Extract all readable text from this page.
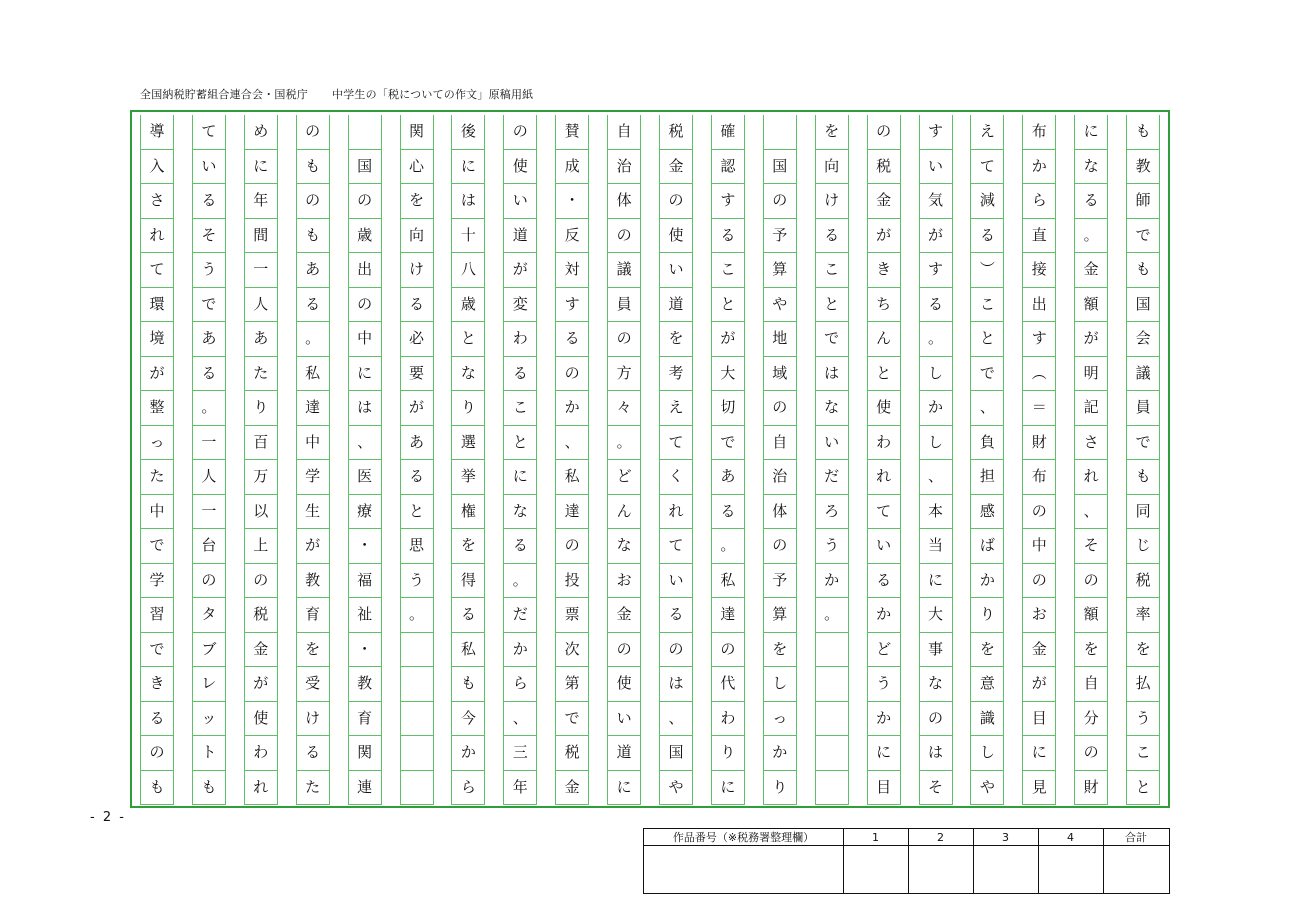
全国納税貯蓄組合連合会・国税庁 中学生の「税についての作文」原稿用紙
も
教
師
で
も
国
会
議
員
で
も
同
じ
税
率
を
払
う
こ
と
に
な
る
。
金
額
が
明
記
さ
れ
、
そ
の
額
を
自
分
の
財
布
か
ら
直
接
出
す
︵
＝
財
布
の
中
の
お
金
が
目
に
見
え
て
減
る
︶
こ
と
で
、
負
担
感
ば
か
り
を
意
識
し
や
す
い
気
が
す
る
。
し
か
し
、
本
当
に
大
事
な
の
は
そ
の
税
金
が
き
ち
ん
と
使
わ
れ
て
い
る
か
ど
う
か
に
目
を
向
け
る
こ
と
で
は
な
い
だ
ろ
う
か
。
国
の
予
算
や
地
域
の
自
治
体
の
予
算
を
し
っ
か
り
確
認
す
る
こ
と
が
大
切
で
あ
る
。
私
達
の
代
わ
り
に
税
金
の
使
い
道
を
考
え
て
く
れ
て
い
る
の
は
、
国
や
自
治
体
の
議
員
の
方
々
。
ど
ん
な
お
金
の
使
い
道
に
賛
成
・
反
対
す
る
の
か
、
私
達
の
投
票
次
第
で
税
金
の
使
い
道
が
変
わ
る
こ
と
に
な
る
。
だ
か
ら
、
三
年
後
に
は
十
八
歳
と
な
り
選
挙
権
を
得
る
私
も
今
か
ら
関
心
を
向
け
る
必
要
が
あ
る
と
思
う
。
国
の
歳
出
の
中
に
は
、
医
療
・
福
祉
・
教
育
関
連
の
も
の
も
あ
る
。
私
達
中
学
生
が
教
育
を
受
け
る
た
め
に
年
間
一
人
あ
た
り
百
万
以
上
の
税
金
が
使
わ
れ
て
い
る
そ
う
で
あ
る
。
一
人
一
台
の
タ
ブ
レ
ッ
ト
も
導
入
さ
れ
て
環
境
が
整
っ
た
中
で
学
習
で
き
る
の
も
- 2 -
作品番号（※税務署整理欄）	1	2	3	4	合計
